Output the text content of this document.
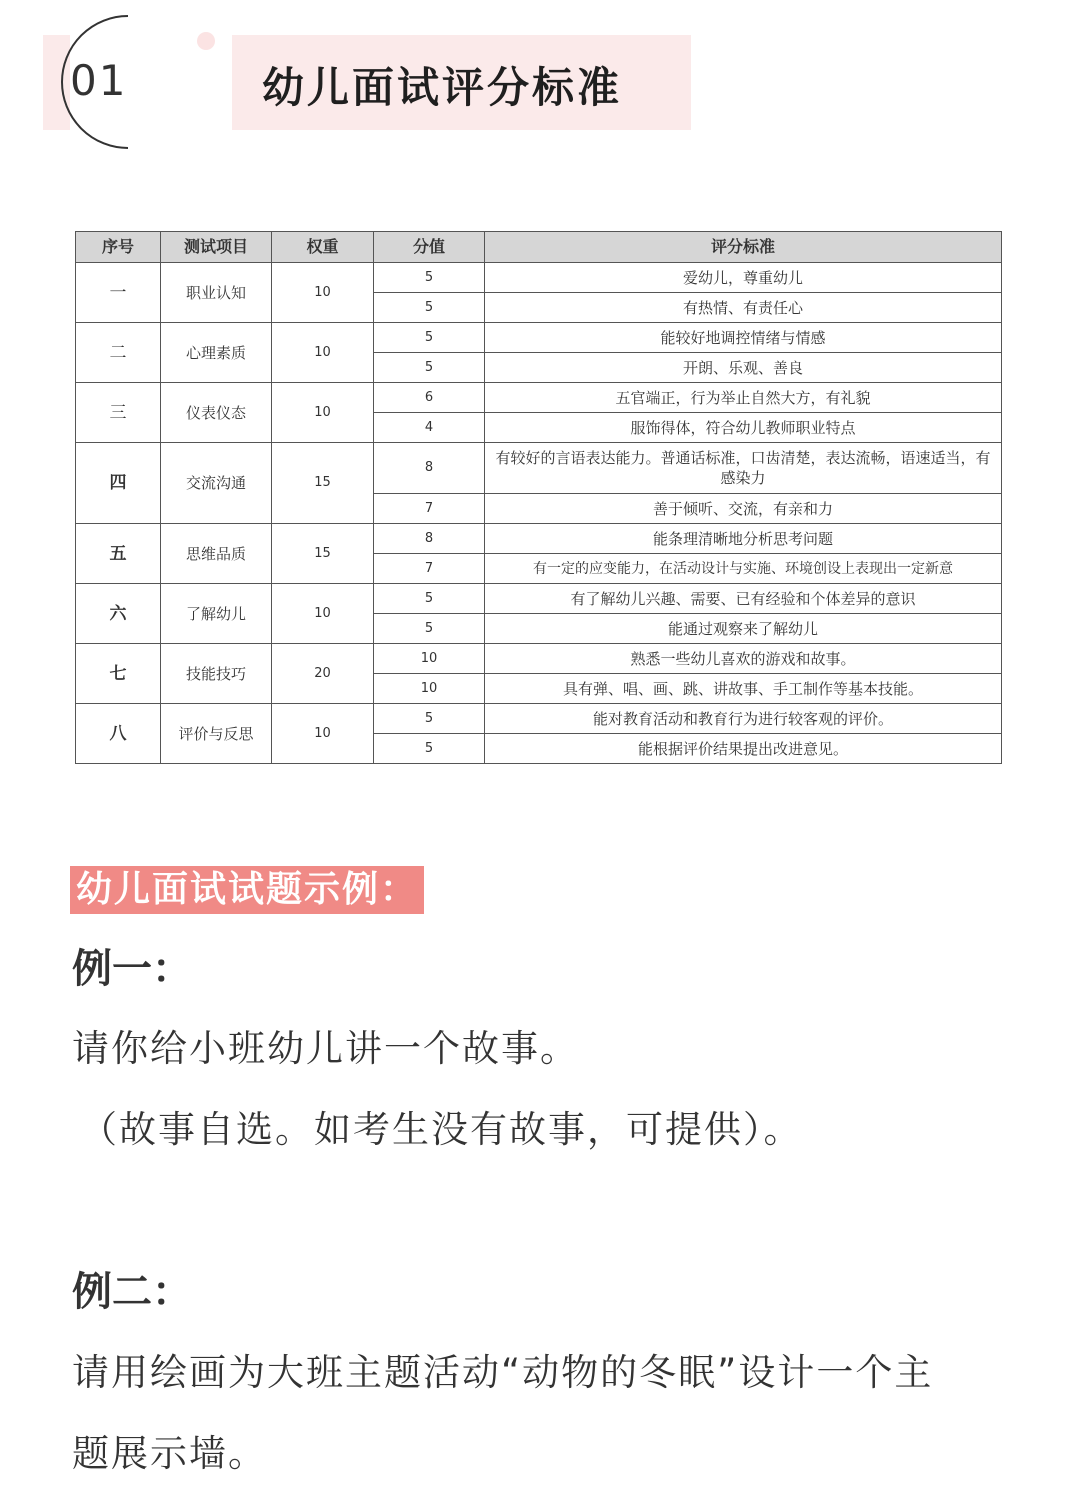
01	幼儿面试评分标准
序号	测试项目	权重	分值	评分标准
一	职业认知	10	5	爱幼儿，尊重幼儿
			5	有热情、有责任心
二	心理素质	10	5	能较好地调控情绪与情感
			5	开朗、乐观、善良
三	仪表仪态	10	6	五官端正，行为举止自然大方，有礼貌
			4	服饰得体，符合幼儿教师职业特点
四	交流沟通	15	8	有较好的言语表达能力。普通话标准，口齿清楚，表达流畅，语速适当，有感染力
			7	善于倾听、交流，有亲和力
五	思维品质	15	8	能条理清晰地分析思考问题
			7	有一定的应变能力，在活动设计与实施、环境创设上表现出一定新意
六	了解幼儿	10	5	有了解幼儿兴趣、需要、已有经验和个体差异的意识
			5	能通过观察来了解幼儿
七	技能技巧	20	10	熟悉一些幼儿喜欢的游戏和故事。
			10	具有弹、唱、画、跳、讲故事、手工制作等基本技能。
八	评价与反思	10	5	能对教育活动和教育行为进行较客观的评价。
			5	能根据评价结果提出改进意见。
幼儿面试试题示例：
例一：
请你给小班幼儿讲一个故事。
（故事自选。如考生没有故事，可提供）。
例二：
请用绘画为大班主题活动“动物的冬眠”设计一个主
题展示墙。
